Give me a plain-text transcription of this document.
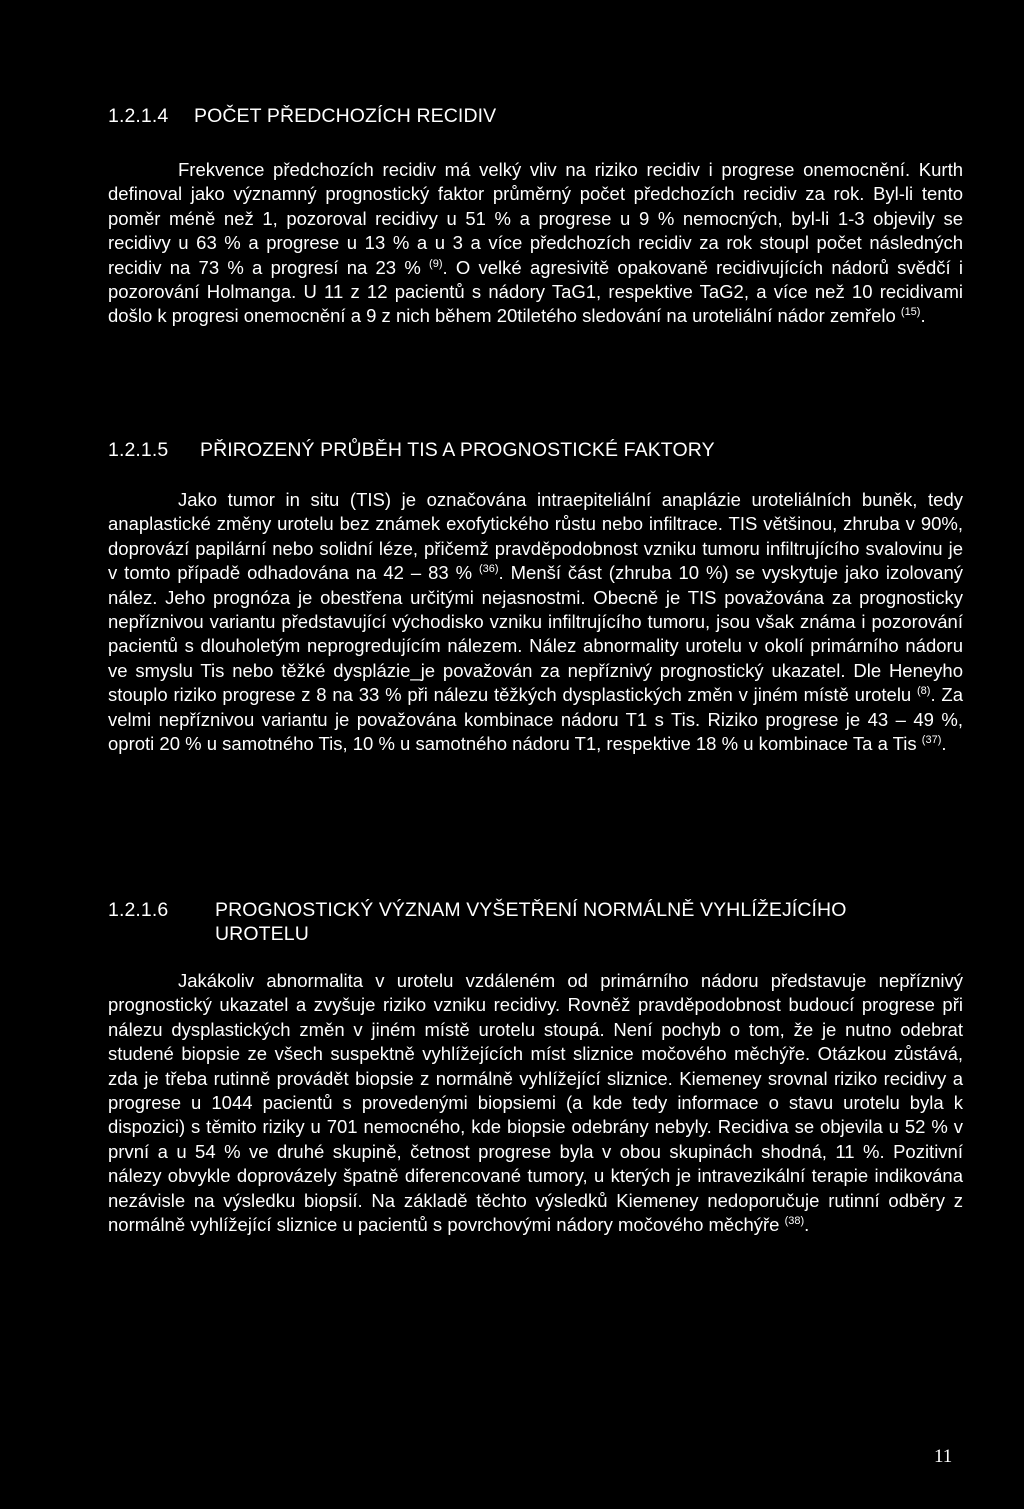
1.2.1.4	POČET PŘEDCHOZÍCH RECIDIV

Frekvence předchozích recidiv má velký vliv na riziko recidiv i progrese onemocnění. Kurth definoval jako významný prognostický faktor průměrný počet předchozích recidiv za rok. Byl-li tento poměr méně než 1, pozoroval recidivy u 51 % a progrese u 9 % nemocných, byl-li 1-3 objevily se recidivy u 63 % a progrese u 13 % a u 3 a více předchozích recidiv za rok stoupl počet následných recidiv na 73 % a progresí na 23 % $^{(9)}$. O velké agresivitě opakovaně recidivujících nádorů svědčí i pozorování Holmanga. U 11 z 12 pacientů s nádory TaG1, respektive TaG2, a více než 10 recidivami došlo k progresi onemocnění a 9 z nich během 20tiletého sledování na uroteliální nádor zemřelo $^{(15)}$.

1.2.1.5	PŘIROZENÝ PRŮBĚH TIS A PROGNOSTICKÉ FAKTORY

Jako tumor in situ (TIS) je označována intraepiteliální anaplázie uroteliálních buněk, tedy anaplastické změny urotelu bez známek exofytického růstu nebo infiltrace. TIS většinou, zhruba v 90%, doprovází papilární nebo solidní léze, přičemž pravděpodobnost vzniku tumoru infiltrujícího svalovinu je v tomto případě odhadována na 42 – 83 % $^{(36)}$. Menší část (zhruba 10 %) se vyskytuje jako izolovaný nález. Jeho prognóza je obestřena určitými nejasnostmi. Obecně je TIS považována za prognosticky nepříznivou variantu představující východisko vzniku infiltrujícího tumoru, jsou však známa i pozorování pacientů s dlouholetým neprogredujícím nálezem. Nález abnormality urotelu v okolí primárního nádoru ve smyslu Tis nebo těžké dysplázie_je považován za nepříznivý prognostický ukazatel. Dle Heneyho stouplo riziko progrese z 8 na 33 % při nálezu těžkých dysplastických změn v jiném místě urotelu $^{(8)}$. Za velmi nepříznivou variantu je považována kombinace nádoru T1 s Tis. Riziko progrese je 43 – 49 %, oproti 20 % u samotného Tis, 10 % u samotného nádoru T1, respektive 18 % u kombinace Ta a Tis $^{(37)}$.

1.2.1.6	PROGNOSTICKÝ VÝZNAM VYŠETŘENÍ NORMÁLNĚ VYHLÍŽEJÍCÍHO UROTELU

Jakákoliv abnormalita v urotelu vzdáleném od primárního nádoru představuje nepříznivý prognostický ukazatel a zvyšuje riziko vzniku recidivy. Rovněž pravděpodobnost budoucí progrese při nálezu dysplastických změn v jiném místě urotelu stoupá. Není pochyb o tom, že je nutno odebrat studené biopsie ze všech suspektně vyhlížejících míst sliznice močového měchýře. Otázkou zůstává, zda je třeba rutinně provádět biopsie z normálně vyhlížející sliznice. Kiemeney srovnal riziko recidivy a progrese u 1044 pacientů s provedenými biopsiemi (a kde tedy informace o stavu urotelu byla k dispozici) s těmito riziky u 701 nemocného, kde biopsie odebrány nebyly. Recidiva se objevila u 52 % v první a u 54 % ve druhé skupině, četnost progrese byla v obou skupinách shodná, 11 %. Pozitivní nálezy obvykle doprovázely špatně diferencované tumory, u kterých je intravezikální terapie indikována nezávisle na výsledku biopsií. Na základě těchto výsledků Kiemeney nedoporučuje rutinní odběry z normálně vyhlížející sliznice u pacientů s povrchovými nádory močového měchýře $^{(38)}$.

11
